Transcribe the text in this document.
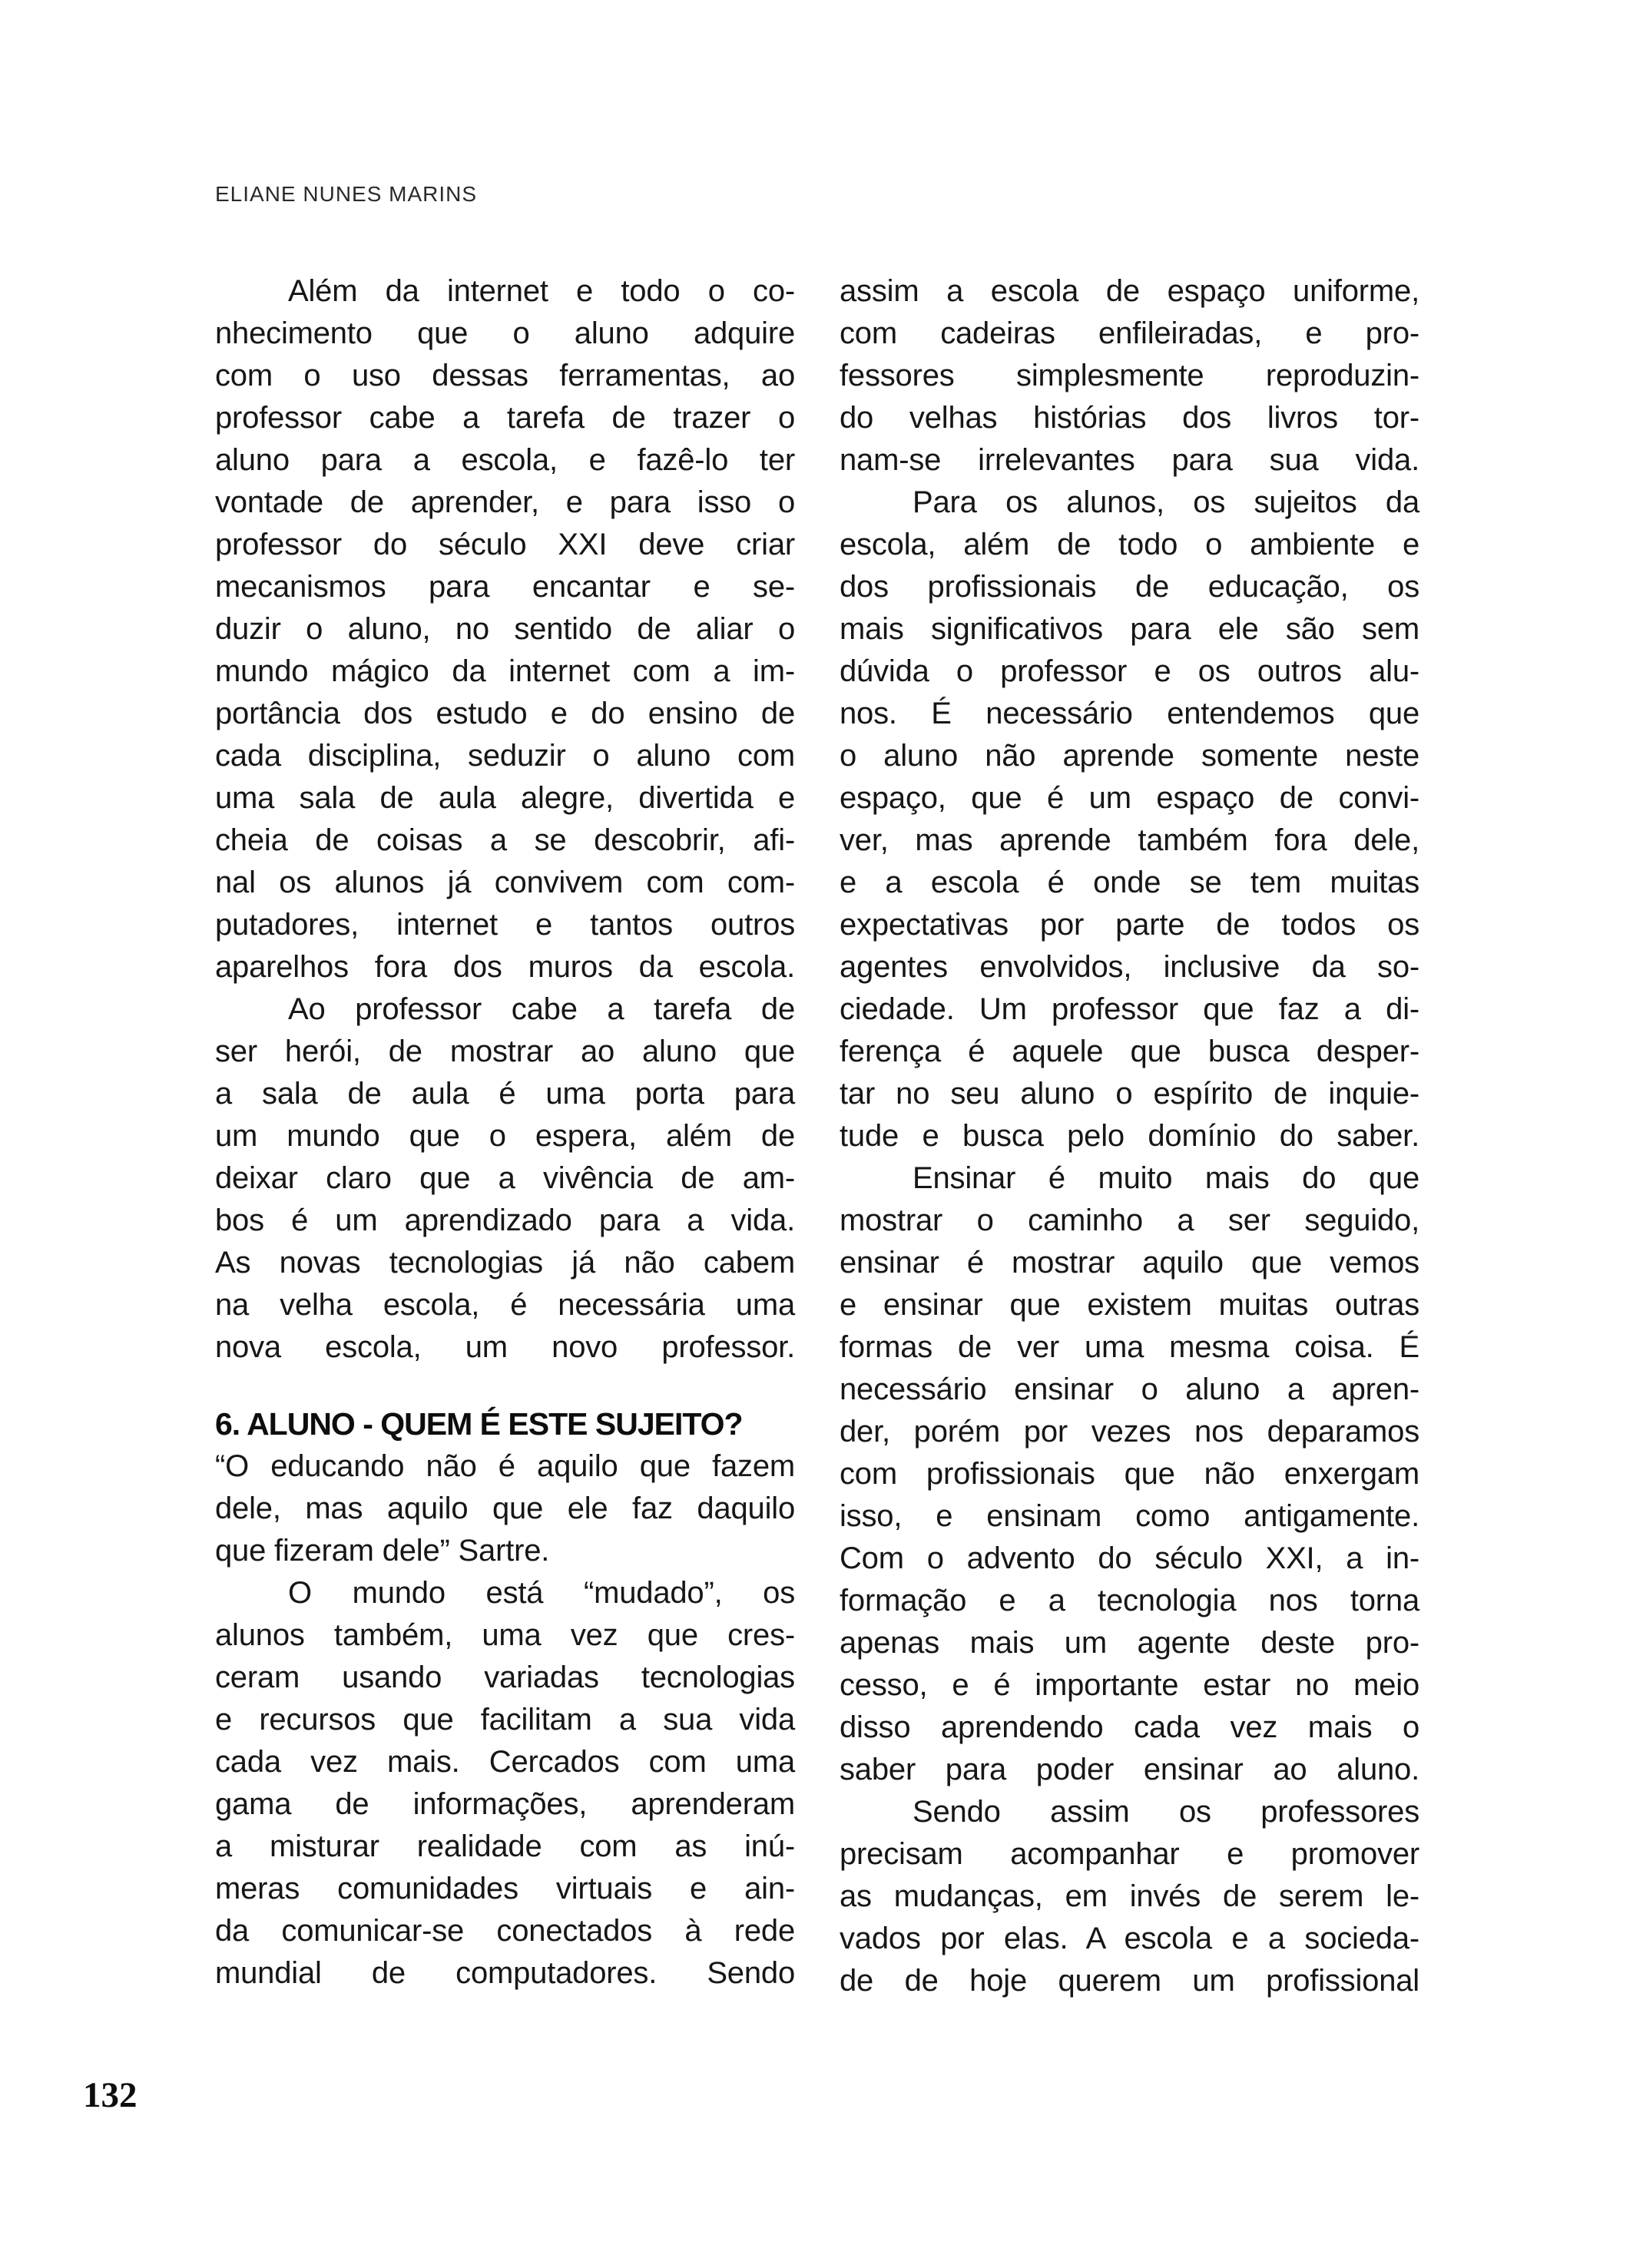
ELIANE NUNES MARINS
Além da internet e todo o co-
nhecimento que o aluno adquire
com o uso dessas ferramentas, ao
professor cabe a tarefa de trazer o
aluno para a escola, e fazê-lo ter
vontade de aprender, e para isso o
professor do século XXI deve criar
mecanismos para encantar e se-
duzir o aluno, no sentido de aliar o
mundo mágico da internet com a im-
portância dos estudo e do ensino de
cada disciplina, seduzir o aluno com
uma sala de aula alegre, divertida e
cheia de coisas a se descobrir, afi-
nal os alunos já convivem com com-
putadores, internet e tantos outros
aparelhos fora dos muros da escola.
Ao professor cabe a tarefa de
ser herói, de mostrar ao aluno que
a sala de aula é uma porta para
um mundo que o espera, além de
deixar claro que a vivência de am-
bos é um aprendizado para a vida.
As novas tecnologias já não cabem
na velha escola, é necessária uma
nova escola, um novo professor.
6. ALUNO - QUEM É ESTE SUJEITO?
“O educando não é aquilo que fazem
dele, mas aquilo que ele faz daquilo
que fizeram dele” Sartre.
O mundo está “mudado”, os
alunos também, uma vez que cres-
ceram usando variadas tecnologias
e recursos que facilitam a sua vida
cada vez mais. Cercados com uma
gama de informações, aprenderam
a misturar realidade com as inú-
meras comunidades virtuais e ain-
da comunicar-se conectados à rede
mundial de computadores. Sendo
assim a escola de espaço uniforme,
com cadeiras enfileiradas, e pro-
fessores simplesmente reproduzin-
do velhas histórias dos livros tor-
nam-se irrelevantes para sua vida.
Para os alunos, os sujeitos da
escola, além de todo o ambiente e
dos profissionais de educação, os
mais significativos para ele são sem
dúvida o professor e os outros alu-
nos. É necessário entendemos que
o aluno não aprende somente neste
espaço, que é um espaço de convi-
ver, mas aprende também fora dele,
e a escola é onde se tem muitas
expectativas por parte de todos os
agentes envolvidos, inclusive da so-
ciedade. Um professor que faz a di-
ferença é aquele que busca desper-
tar no seu aluno o espírito de inquie-
tude e busca pelo domínio do saber.
Ensinar é muito mais do que
mostrar o caminho a ser seguido,
ensinar é mostrar aquilo que vemos
e ensinar que existem muitas outras
formas de ver uma mesma coisa. É
necessário ensinar o aluno a apren-
der, porém por vezes nos deparamos
com profissionais que não enxergam
isso, e ensinam como antigamente.
Com o advento do século XXI, a in-
formação e a tecnologia nos torna
apenas mais um agente deste pro-
cesso, e é importante estar no meio
disso aprendendo cada vez mais o
saber para poder ensinar ao aluno.
Sendo assim os professores
precisam acompanhar e promover
as mudanças, em invés de serem le-
vados por elas. A escola e a socieda-
de de hoje querem um profissional
132
